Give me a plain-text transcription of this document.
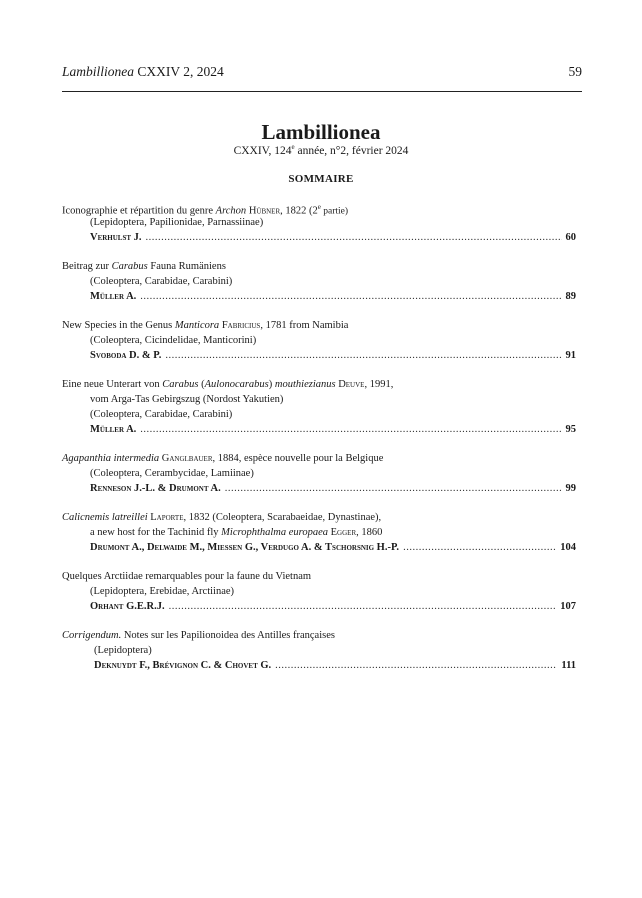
Lambillionea CXXIV 2, 2024	59
Lambillionea
CXXIV, 124e année, n°2, février 2024
SOMMAIRE
Iconographie et répartition du genre Archon Hübner, 1822 (2e partie)
(Lepidoptera, Papilionidae, Parnassiinae)
Verhulst J. .....	60
Beitrag zur Carabus Fauna Rumäniens
(Coleoptera, Carabidae, Carabini)
Müller A. .....	89
New Species in the Genus Manticora Fabricius, 1781 from Namibia
(Coleoptera, Cicindelidae, Manticorini)
Svoboda D. & P. .....	91
Eine neue Unterart von Carabus (Aulonocarabus) mouthiezianus Deuve, 1991,
vom Arga-Tas Gebirgszug (Nordost Yakutien)
(Coleoptera, Carabidae, Carabini)
Müller A. .....	95
Agapanthia intermedia Ganglbauer, 1884, espèce nouvelle pour la Belgique
(Coleoptera, Cerambycidae, Lamiinae)
Renneson J.-L. & Drumont A. .....	99
Calicnemis latreillei Laporte, 1832 (Coleoptera, Scarabaeidae, Dynastinae),
a new host for the Tachinid fly Microphthalma europaea Egger, 1860
Drumont A., Delwaide M., Miessen G., Verdugo A. & Tschorsnig H.-P. .....	104
Quelques Arctiidae remarquables pour la faune du Vietnam
(Lepidoptera, Erebidae, Arctiinae)
Orhant G.E.R.J. .....	107
Corrigendum. Notes sur les Papilionoidea des Antilles françaises
(Lepidoptera)
Deknuydt F., Brévignon C. & Chovet G. .....	111
